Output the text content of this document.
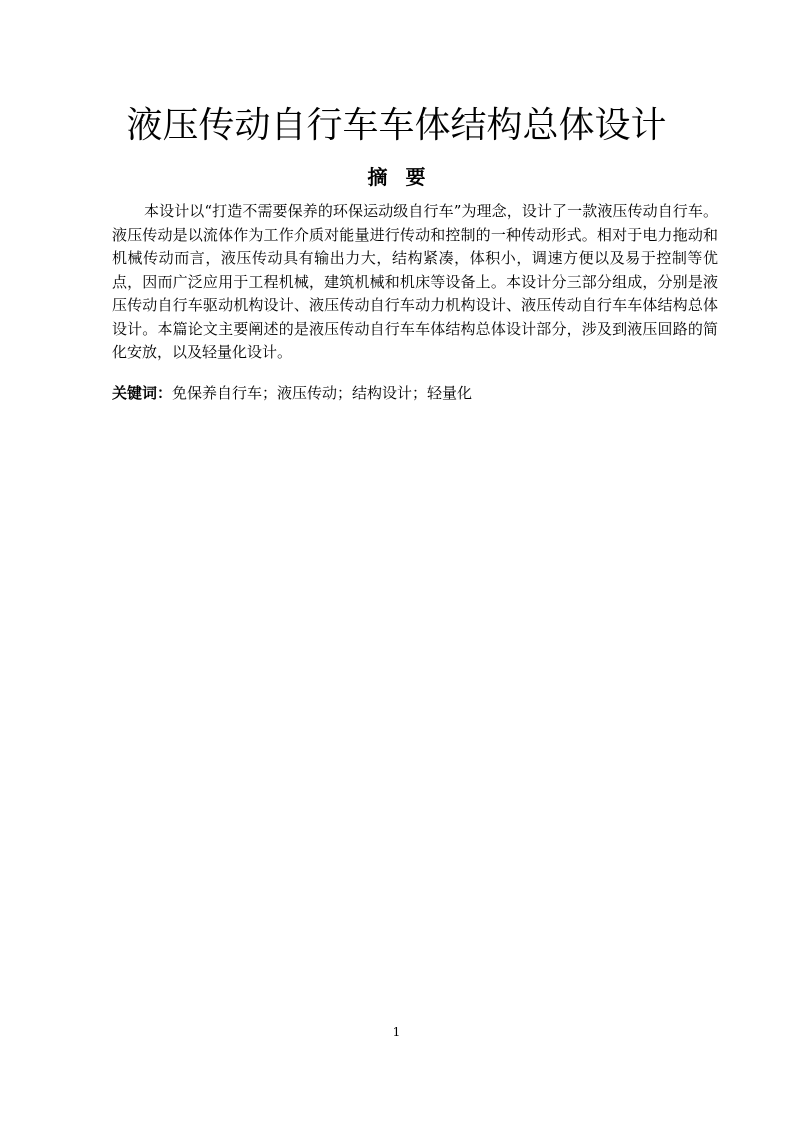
液压传动自行车车体结构总体设计
摘要

本设计以“打造不需要保养的环保运动级自行车”为理念，设计了一款液压传动自行车。液压传动是以流体作为工作介质对能量进行传动和控制的一种传动形式。相对于电力拖动和机械传动而言，液压传动具有输出力大，结构紧凑，体积小，调速方便以及易于控制等优点，因而广泛应用于工程机械，建筑机械和机床等设备上。本设计分三部分组成，分别是液压传动自行车驱动机构设计、液压传动自行车动力机构设计、液压传动自行车车体结构总体设计。本篇论文主要阐述的是液压传动自行车车体结构总体设计部分，涉及到液压回路的简化安放，以及轻量化设计。

关键词：免保养自行车；液压传动；结构设计；轻量化

1
